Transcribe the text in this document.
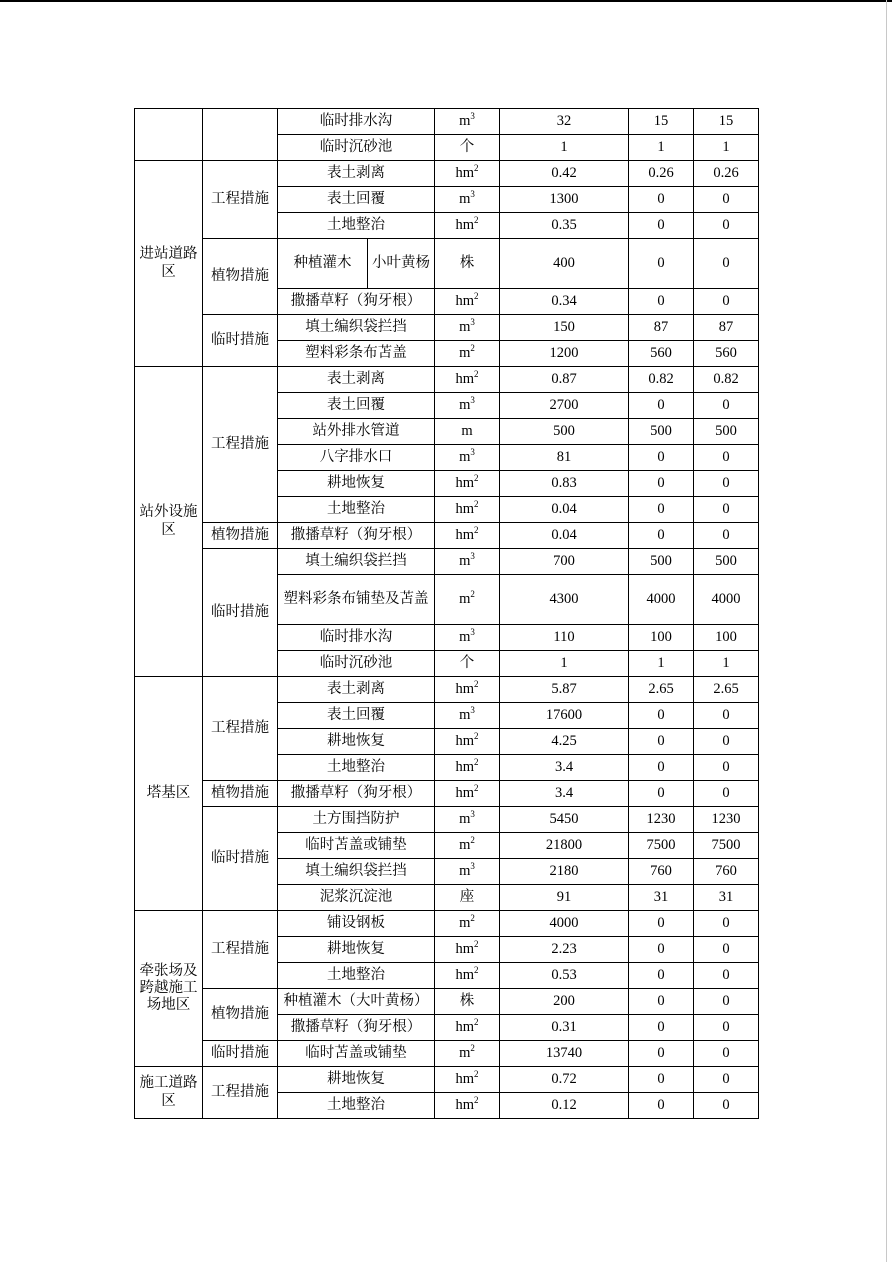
		临时排水沟		$m^3$	32	15	15
		临时沉砂池		个	1	1	1
进站道路区	工程措施	表土剥离		$hm^2$	0.42	0.26	0.26
		表土回覆		$m^3$	1300	0	0
		土地整治		$hm^2$	0.35	0	0
	植物措施	种植灌木	小叶黄杨	株	400	0	0
		撒播草籽（狗牙根）		$hm^2$	0.34	0	0
	临时措施	填土编织袋拦挡		$m^3$	150	87	87
		塑料彩条布苫盖		$m^2$	1200	560	560
站外设施区	工程措施	表土剥离		$hm^2$	0.87	0.82	0.82
		表土回覆		$m^3$	2700	0	0
		站外排水管道		m	500	500	500
		八字排水口		$m^3$	81	0	0
		耕地恢复		$hm^2$	0.83	0	0
		土地整治		$hm^2$	0.04	0	0
	植物措施	撒播草籽（狗牙根）		$hm^2$	0.04	0	0
	临时措施	填土编织袋拦挡		$m^3$	700	500	500
		塑料彩条布铺垫及苫盖		$m^2$	4300	4000	4000
		临时排水沟		$m^3$	110	100	100
		临时沉砂池		个	1	1	1
塔基区	工程措施	表土剥离		$hm^2$	5.87	2.65	2.65
		表土回覆		$m^3$	17600	0	0
		耕地恢复		$hm^2$	4.25	0	0
		土地整治		$hm^2$	3.4	0	0
	植物措施	撒播草籽（狗牙根）		$hm^2$	3.4	0	0
	临时措施	土方围挡防护		$m^3$	5450	1230	1230
		临时苫盖或铺垫		$m^2$	21800	7500	7500
		填土编织袋拦挡		$m^3$	2180	760	760
		泥浆沉淀池		座	91	31	31
牵张场及跨越施工场地区	工程措施	铺设钢板		$m^2$	4000	0	0
		耕地恢复		$hm^2$	2.23	0	0
		土地整治		$hm^2$	0.53	0	0
	植物措施	种植灌木（大叶黄杨）		株	200	0	0
		撒播草籽（狗牙根）		$hm^2$	0.31	0	0
	临时措施	临时苫盖或铺垫		$m^2$	13740	0	0
施工道路区	工程措施	耕地恢复		$hm^2$	0.72	0	0
		土地整治		$hm^2$	0.12	0	0
